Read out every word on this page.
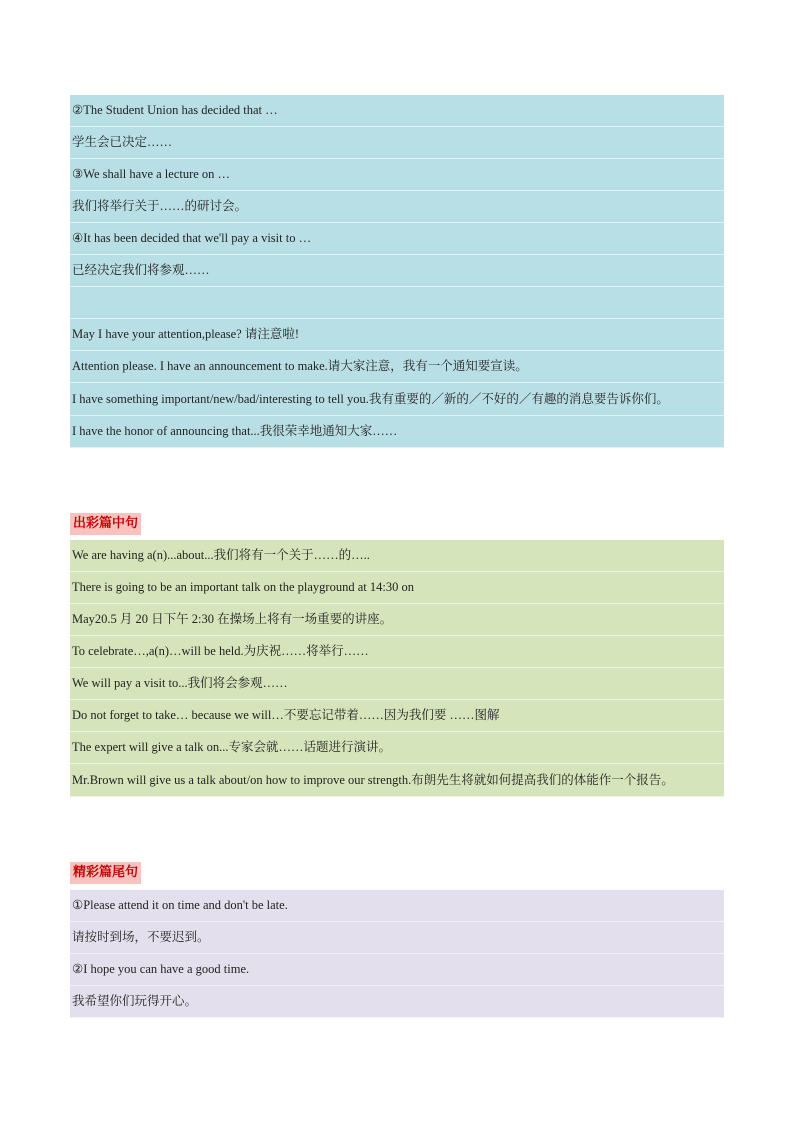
②The Student Union has decided that …
学生会已决定……
③We shall have a lecture on …
我们将举行关于……的研讨会。
④It has been decided that we'll pay a visit to …
已经决定我们将参观……
May I have your attention,please? 请注意啦!
Attention please. I have an announcement to make.请大家注意，我有一个通知要宣读。
I have something important/new/bad/interesting to tell you.我有重要的／新的／不好的／有趣的消息要告诉你们。
I have the honor of announcing that...我很荣幸地通知大家……
出彩篇中句
We are having a(n)...about...我们将有一个关于……的…..
There is going to be an important talk on the playground at 14:30 on
May20.5 月 20 日下午 2:30 在操场上将有一场重要的讲座。
To celebrate…,a(n)…will be held.为庆祝……将举行……
We will pay a visit to...我们将会参观……
Do not forget to take… because we will…不要忘记带着……因为我们要 ……图解
The expert will give a talk on...专家会就……话题进行演讲。
Mr.Brown will give us a talk about/on how to improve our strength.布朗先生将就如何提高我们的体能作一个报告。
精彩篇尾句
①Please attend it on time and don't be late.
请按时到场，不要迟到。
②I hope you can have a good time.
我希望你们玩得开心。
